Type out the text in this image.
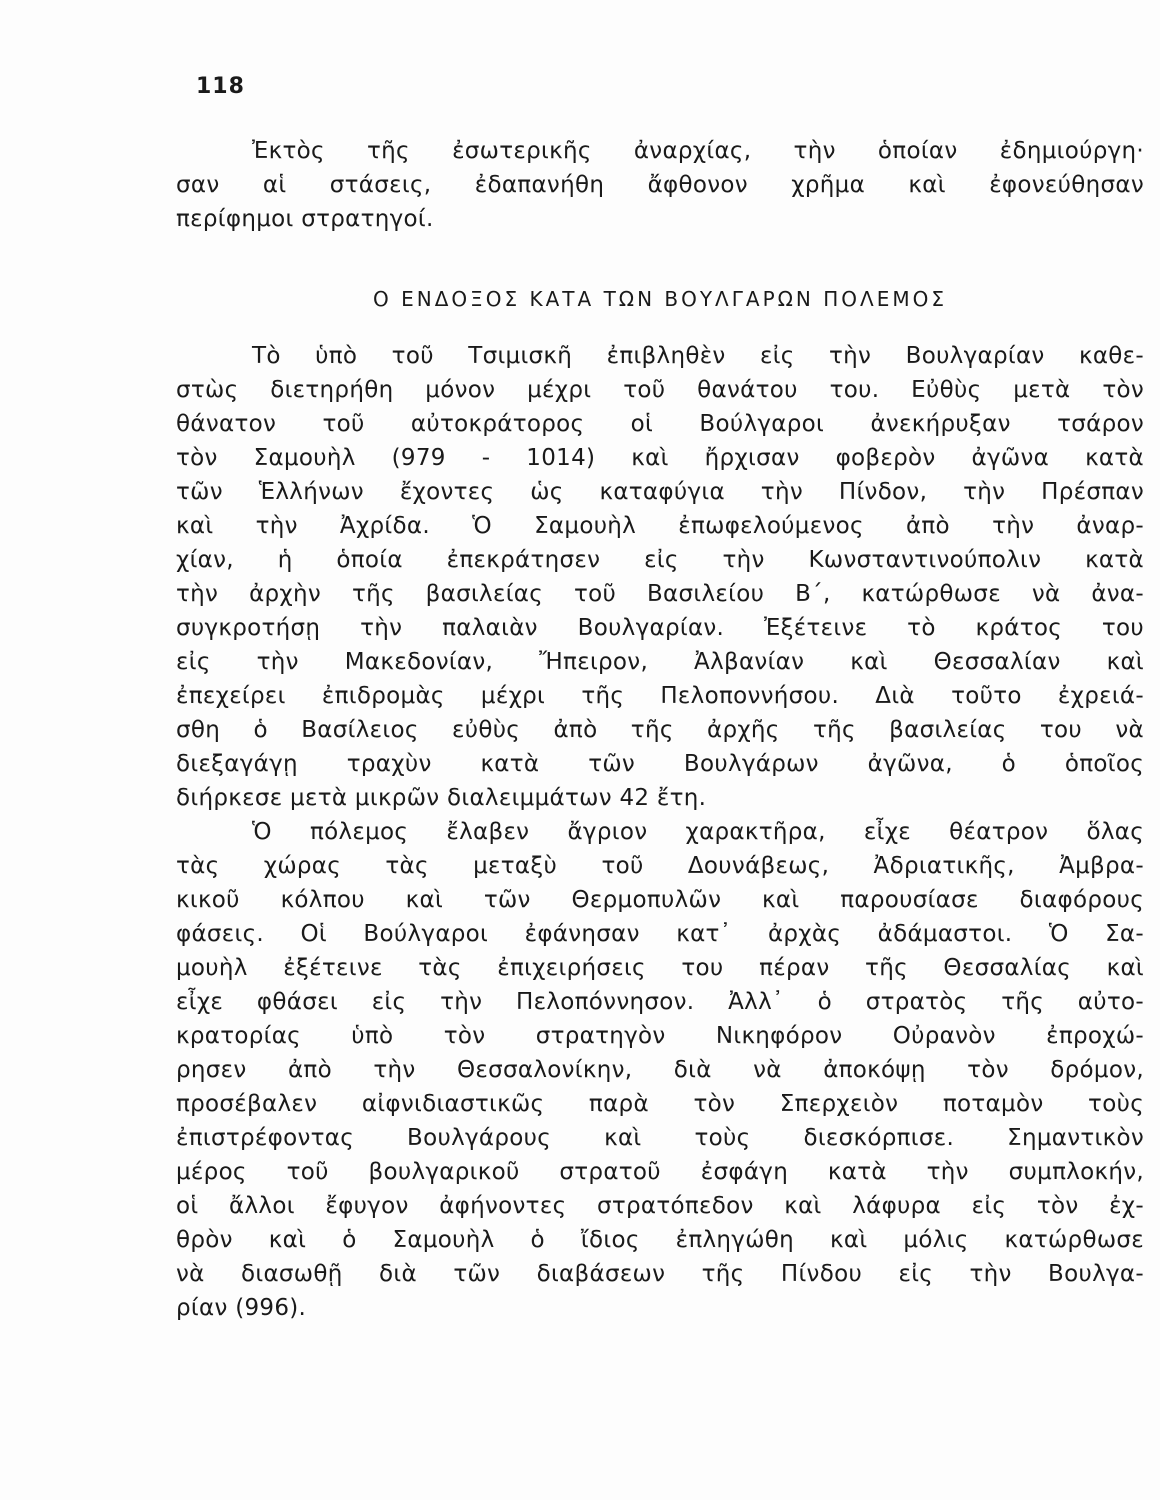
118
Ἐκτὸς τῆς ἐσωτερικῆς ἀναρχίας, τὴν ὁποίαν ἐδημιούργη·
σαν αἱ στάσεις, ἐδαπανήθη ἄφθονον χρῆμα καὶ ἐφονεύθησαν
περίφημοι στρατηγοί.
Ο ΕΝΔΟΞΟΣ ΚΑΤΑ ΤΩΝ ΒΟΥΛΓΑΡΩΝ ΠΟΛΕΜΟΣ
Τὸ ὑπὸ τοῦ Τσιμισκῆ ἐπιβληθὲν εἰς τὴν Βουλγαρίαν καθε-
στὼς διετηρήθη μόνον μέχρι τοῦ θανάτου του. Εὐθὺς μετὰ τὸν
θάνατον τοῦ αὐτοκράτορος οἱ Βούλγαροι ἀνεκήρυξαν τσάρον
τὸν Σαμουὴλ (979 - 1014) καὶ ἤρχισαν φοβερὸν ἀγῶνα κατὰ
τῶν Ἑλλήνων ἔχοντες ὡς καταφύγια τὴν Πίνδον, τὴν Πρέσπαν
καὶ τὴν Ἀχρίδα. Ὁ Σαμουὴλ ἐπωφελούμενος ἀπὸ τὴν ἀναρ-
χίαν, ἡ ὁποία ἐπεκράτησεν εἰς τὴν Κωνσταντινούπολιν κατὰ
τὴν ἀρχὴν τῆς βασιλείας τοῦ Βασιλείου Β΄, κατώρθωσε νὰ ἀνα-
συγκροτήσῃ τὴν παλαιὰν Βουλγαρίαν. Ἐξέτεινε τὸ κράτος του
εἰς τὴν Μακεδονίαν, Ἤπειρον, Ἀλβανίαν καὶ Θεσσαλίαν καὶ
ἐπεχείρει ἐπιδρομὰς μέχρι τῆς Πελοποννήσου. Διὰ τοῦτο ἐχρειά-
σθη ὁ Βασίλειος εὐθὺς ἀπὸ τῆς ἀρχῆς τῆς βασιλείας του νὰ
διεξαγάγῃ τραχὺν κατὰ τῶν Βουλγάρων ἀγῶνα, ὁ ὁποῖος
διήρκεσε μετὰ μικρῶν διαλειμμάτων 42 ἔτη.
Ὁ πόλεμος ἔλαβεν ἄγριον χαρακτῆρα, εἶχε θέατρον ὅλας
τὰς χώρας τὰς μεταξὺ τοῦ Δουνάβεως, Ἀδριατικῆς, Ἀμβρα-
κικοῦ κόλπου καὶ τῶν Θερμοπυλῶν καὶ παρουσίασε διαφόρους
φάσεις. Οἱ Βούλγαροι ἐφάνησαν κατ᾽ ἀρχὰς ἀδάμαστοι. Ὁ Σα-
μουὴλ ἐξέτεινε τὰς ἐπιχειρήσεις του πέραν τῆς Θεσσαλίας καὶ
εἶχε φθάσει εἰς τὴν Πελοπόννησον. Ἀλλ᾽ ὁ στρατὸς τῆς αὐτο-
κρατορίας ὑπὸ τὸν στρατηγὸν Νικηφόρον Οὐρανὸν ἐπροχώ-
ρησεν ἀπὸ τὴν Θεσσαλονίκην, διὰ νὰ ἀποκόψῃ τὸν δρόμον,
προσέβαλεν αἰφνιδιαστικῶς παρὰ τὸν Σπερχειὸν ποταμὸν τοὺς
ἐπιστρέφοντας Βουλγάρους καὶ τοὺς διεσκόρπισε. Σημαντικὸν
μέρος τοῦ βουλγαρικοῦ στρατοῦ ἐσφάγη κατὰ τὴν συμπλοκήν,
οἱ ἄλλοι ἔφυγον ἀφήνοντες στρατόπεδον καὶ λάφυρα εἰς τὸν ἐχ-
θρὸν καὶ ὁ Σαμουὴλ ὁ ἴδιος ἐπληγώθη καὶ μόλις κατώρθωσε
νὰ διασωθῇ διὰ τῶν διαβάσεων τῆς Πίνδου εἰς τὴν Βουλγα-
ρίαν (996).
